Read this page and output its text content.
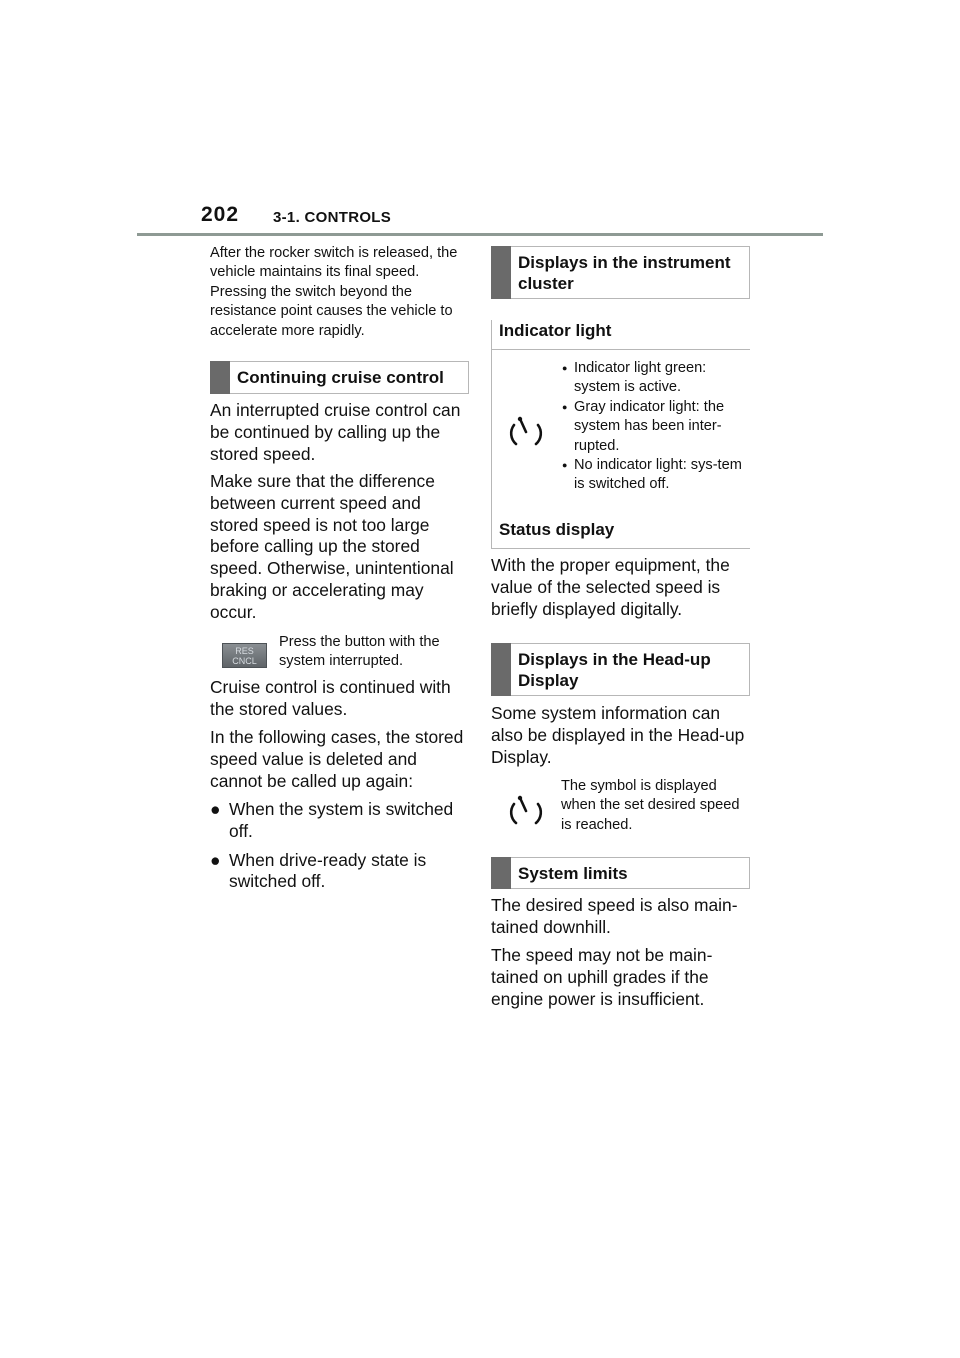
202 3-1. CONTROLS
After the rocker switch is released, the vehicle maintains its final speed. Pressing the switch beyond the resistance point causes the vehicle to accelerate more rapidly.
Continuing cruise control
An interrupted cruise control can be continued by calling up the stored speed.
Make sure that the difference between current speed and stored speed is not too large before calling up the stored speed. Otherwise, unintentional braking or accelerating may occur.
RES
CNCL
Press the button with the system interrupted.
Cruise control is continued with the stored values.
In the following cases, the stored speed value is deleted and cannot be called up again:
● When the system is switched off.
● When drive-ready state is switched off.
Displays in the instrument cluster
Indicator light
● Indicator light green: system is active.
● Gray indicator light: the system has been inter-rupted.
● No indicator light: sys-tem is switched off.
Status display
With the proper equipment, the value of the selected speed is briefly displayed digitally.
Displays in the Head-up Display
Some system information can also be displayed in the Head-up Display.
The symbol is displayed when the set desired speed is reached.
System limits
The desired speed is also main-tained downhill.
The speed may not be main-tained on uphill grades if the engine power is insufficient.
